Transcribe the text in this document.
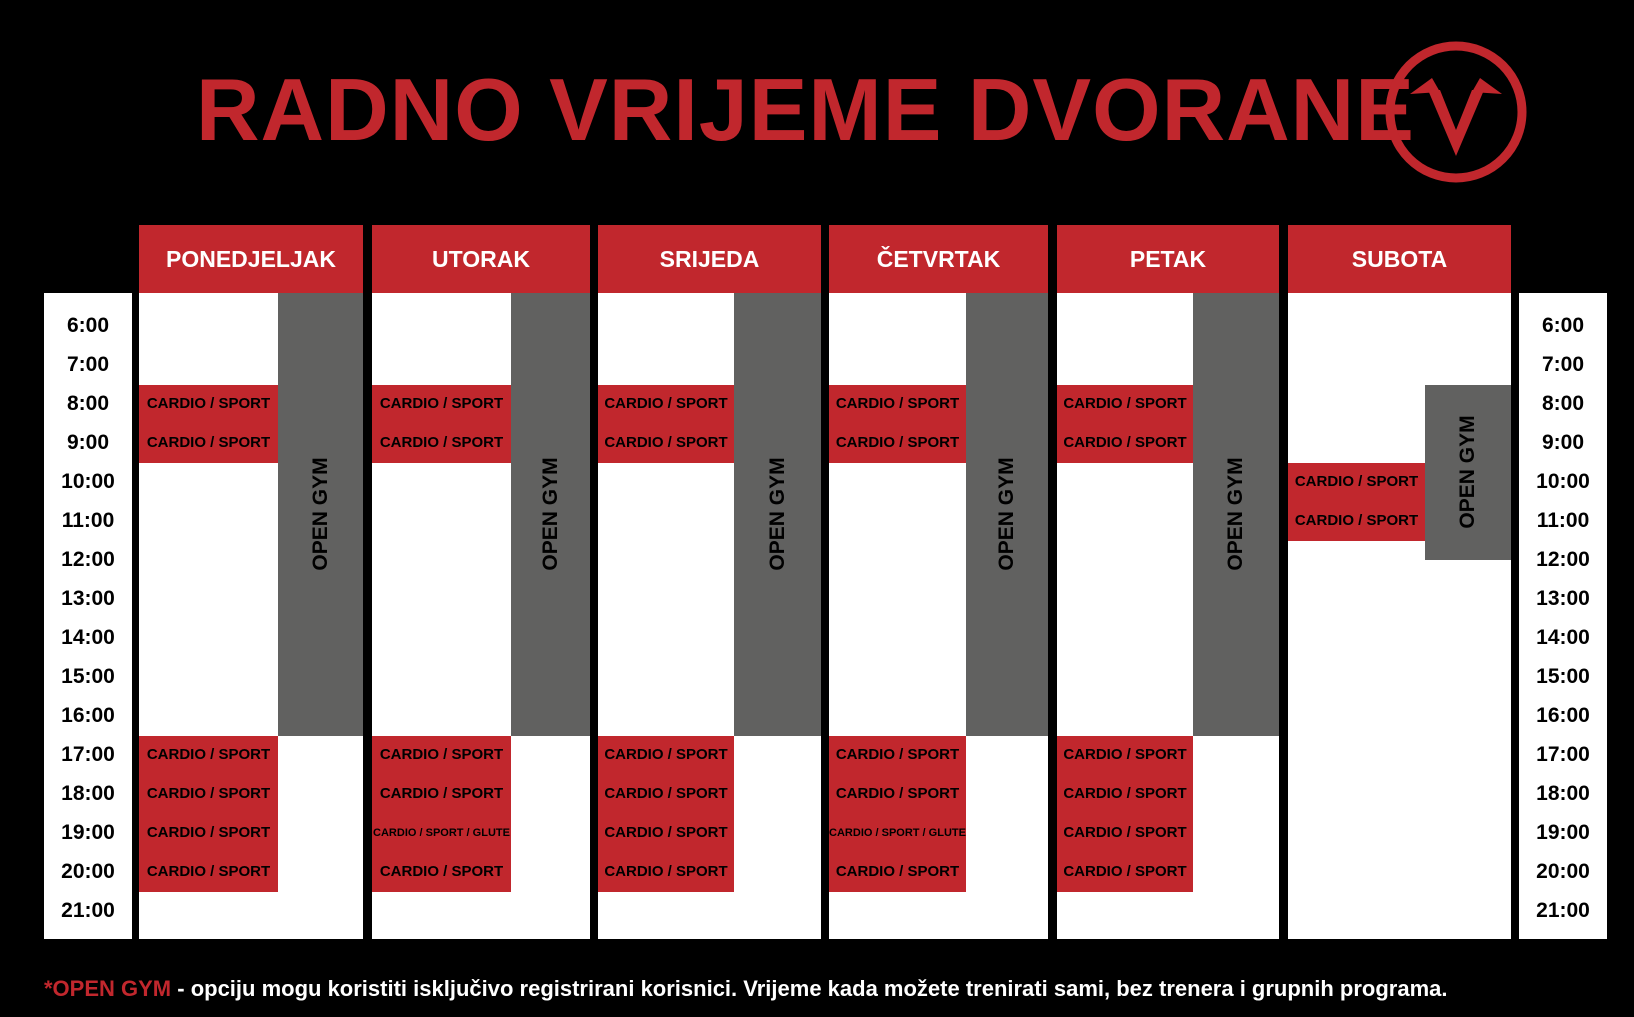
RADNO VRIJEME DVORANE
6:00
7:00
8:00
9:00
10:00
11:00
12:00
13:00
14:00
15:00
16:00
17:00
18:00
19:00
20:00
21:00
6:00
7:00
8:00
9:00
10:00
11:00
12:00
13:00
14:00
15:00
16:00
17:00
18:00
19:00
20:00
21:00
PONEDJELJAK
CARDIO / SPORT
CARDIO / SPORT
CARDIO / SPORT
CARDIO / SPORT
CARDIO / SPORT
CARDIO / SPORT
OPEN GYM
UTORAK
CARDIO / SPORT
CARDIO / SPORT
CARDIO / SPORT
CARDIO / SPORT
CARDIO / SPORT / GLUTE
CARDIO / SPORT
OPEN GYM
SRIJEDA
CARDIO / SPORT
CARDIO / SPORT
CARDIO / SPORT
CARDIO / SPORT
CARDIO / SPORT
CARDIO / SPORT
OPEN GYM
ČETVRTAK
CARDIO / SPORT
CARDIO / SPORT
CARDIO / SPORT
CARDIO / SPORT
CARDIO / SPORT / GLUTE
CARDIO / SPORT
OPEN GYM
PETAK
CARDIO / SPORT
CARDIO / SPORT
CARDIO / SPORT
CARDIO / SPORT
CARDIO / SPORT
CARDIO / SPORT
OPEN GYM
SUBOTA
CARDIO / SPORT
CARDIO / SPORT	OPEN GYM
*OPEN GYM - opciju mogu koristiti isključivo registrirani korisnici. Vrijeme kada možete trenirati sami, bez trenera i grupnih programa.
